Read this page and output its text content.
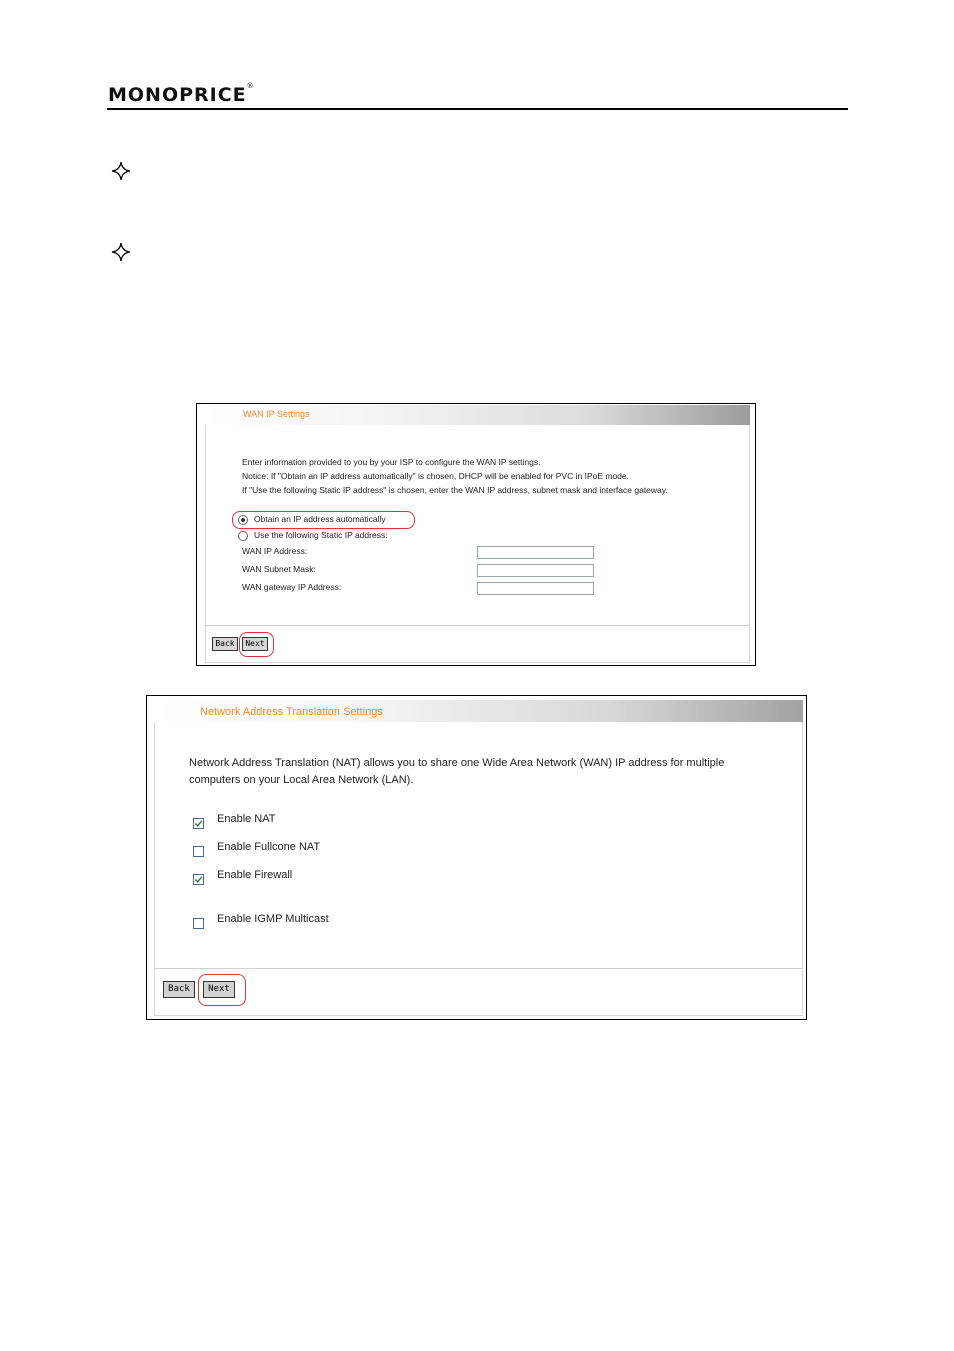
MONOPRICE®
WAN IP Settings
Enter information provided to you by your ISP to configure the WAN IP settings.
Notice: If "Obtain an IP address automatically" is chosen, DHCP will be enabled for PVC in IPoE mode.
If "Use the following Static IP address" is chosen, enter the WAN IP address, subnet mask and interface gateway.
Obtain an IP address automatically
Use the following Static IP address:
WAN IP Address:
WAN Subnet Mask:
WAN gateway IP Address:
Back	Next
Network Address Translation Settings
Network Address Translation (NAT) allows you to share one Wide Area Network (WAN) IP address for multiple
computers on your Local Area Network (LAN).
Enable NAT
Enable Fullcone NAT
Enable Firewall
Enable IGMP Multicast
Back	Next
